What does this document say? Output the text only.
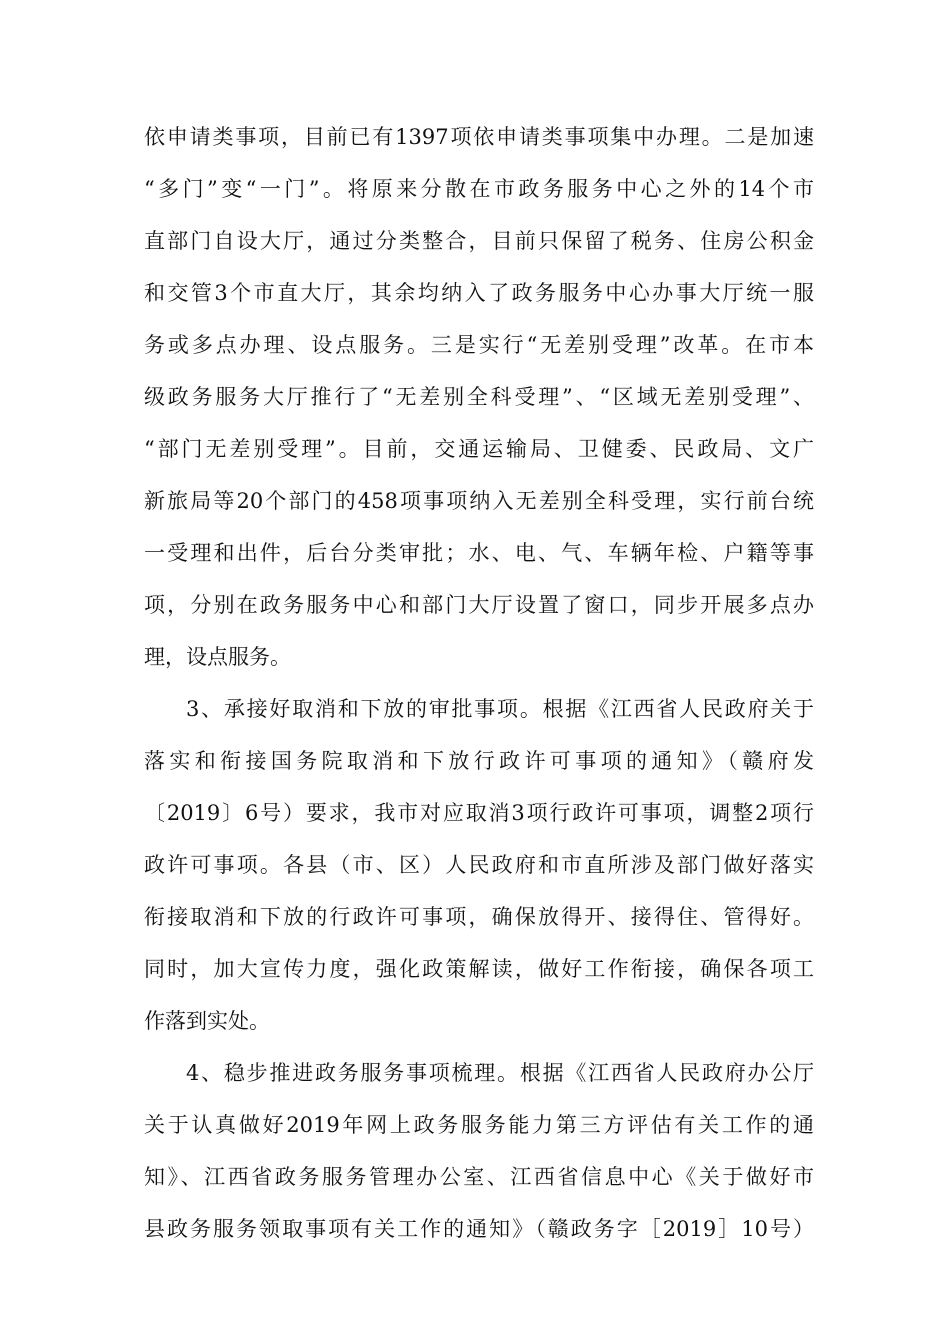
依申请类事项，目前已有1397项依申请类事项集中办理。二是加速
“多门”变“一门”。将原来分散在市政务服务中心之外的14个市
直部门自设大厅，通过分类整合，目前只保留了税务、住房公积金
和交管3个市直大厅，其余均纳入了政务服务中心办事大厅统一服
务或多点办理、设点服务。三是实行“无差别受理”改革。在市本
级政务服务大厅推行了“无差别全科受理”、“区域无差别受理”、
“部门无差别受理”。目前，交通运输局、卫健委、民政局、文广
新旅局等20个部门的458项事项纳入无差别全科受理，实行前台统
一受理和出件，后台分类审批；水、电、气、车辆年检、户籍等事
项，分别在政务服务中心和部门大厅设置了窗口，同步开展多点办
理，设点服务。
3、承接好取消和下放的审批事项。根据《江西省人民政府关于
落实和衔接国务院取消和下放行政许可事项的通知》（赣府发
〔2019〕6号）要求，我市对应取消3项行政许可事项，调整2项行
政许可事项。各县（市、区）人民政府和市直所涉及部门做好落实
衔接取消和下放的行政许可事项，确保放得开、接得住、管得好。
同时，加大宣传力度，强化政策解读，做好工作衔接，确保各项工
作落到实处。
4、稳步推进政务服务事项梳理。根据《江西省人民政府办公厅
关于认真做好2019年网上政务服务能力第三方评估有关工作的通
知》、江西省政务服务管理办公室、江西省信息中心《关于做好市
县政务服务领取事项有关工作的通知》（赣政务字［2019］10号）
